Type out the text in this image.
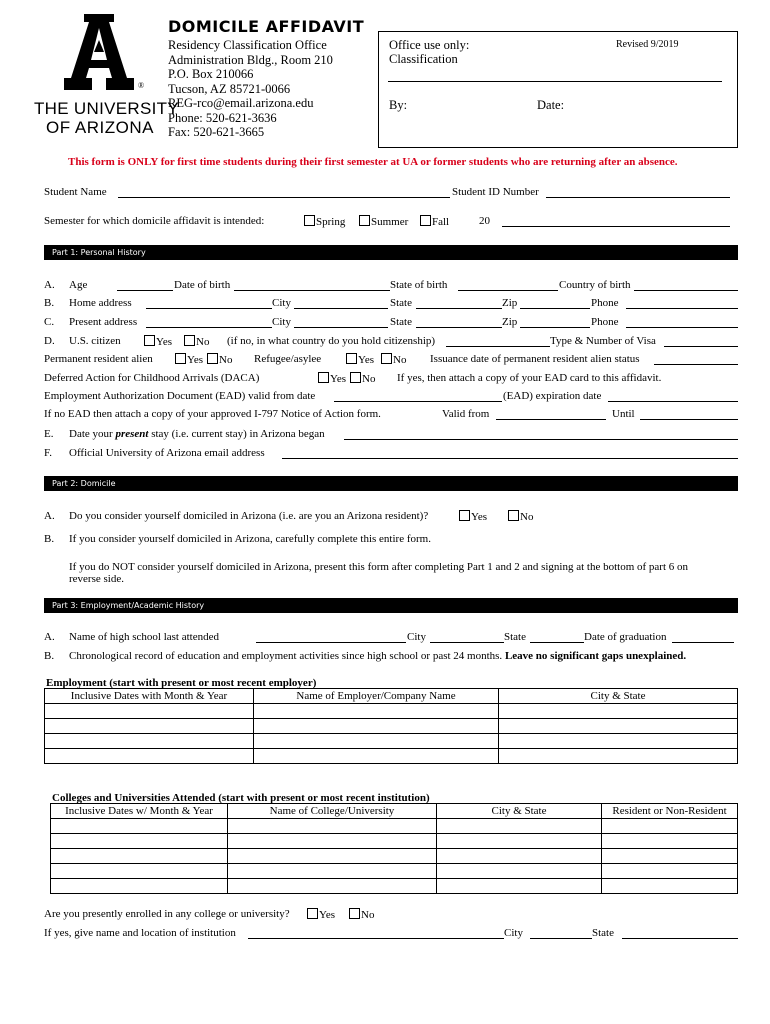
®
THE UNIVERSITY
OF ARIZONA
DOMICILE AFFIDAVIT
Residency Classification Office
Administration Bldg., Room 210
P.O. Box 210066
Tucson, AZ 85721-0066
REG-rco@email.arizona.edu
Phone: 520-621-3636
Fax: 520-621-3665
Office use only:
Classification
Revised 9/2019
By:	Date:
This form is ONLY for first time students during their first semester at UA or former students who are returning after an absence.
Student Name	Student ID Number
Semester for which domicile affidavit is intended:	Spring	Summer	Fall	20
Part 1: Personal History
A. Age	Date of birth	State of birth	Country of birth
B. Home address	City	State	Zip	Phone
C. Present address	City	State	Zip	Phone
D. U.S. citizen	Yes	No (if no, in what country do you hold citizenship)	Type & Number of Visa
Permanent resident alien	Yes	No Refugee/asylee	Yes	No Issuance date of permanent resident alien status
Deferred Action for Childhood Arrivals (DACA)	Yes	No If yes, then attach a copy of your EAD card to this affidavit.
Employment Authorization Document (EAD) valid from date	(EAD) expiration date
If no EAD then attach a copy of your approved I-797 Notice of Action form.	Valid from	Until
E. Date your present stay (i.e. current stay) in Arizona began
F. Official University of Arizona email address
Part 2: Domicile
A. Do you consider yourself domiciled in Arizona (i.e. are you an Arizona resident)?	Yes	No
B. If you consider yourself domiciled in Arizona, carefully complete this entire form.
If you do NOT consider yourself domiciled in Arizona, present this form after completing Part 1 and 2 and signing at the bottom of part 6 on
reverse side.
Part 3: Employment/Academic History
A. Name of high school last attended	City	State	Date of graduation
B. Chronological record of education and employment activities since high school or past 24 months. Leave no significant gaps unexplained.
Employment (start with present or most recent employer)
Inclusive Dates with Month & Year	Name of Employer/Company Name	City & State

Colleges and Universities Attended (start with present or most recent institution)
Inclusive Dates w/ Month & Year	Name of College/University	City & State	Resident or Non-Resident

Are you presently enrolled in any college or university?	Yes	No
If yes, give name and location of institution	City	State
